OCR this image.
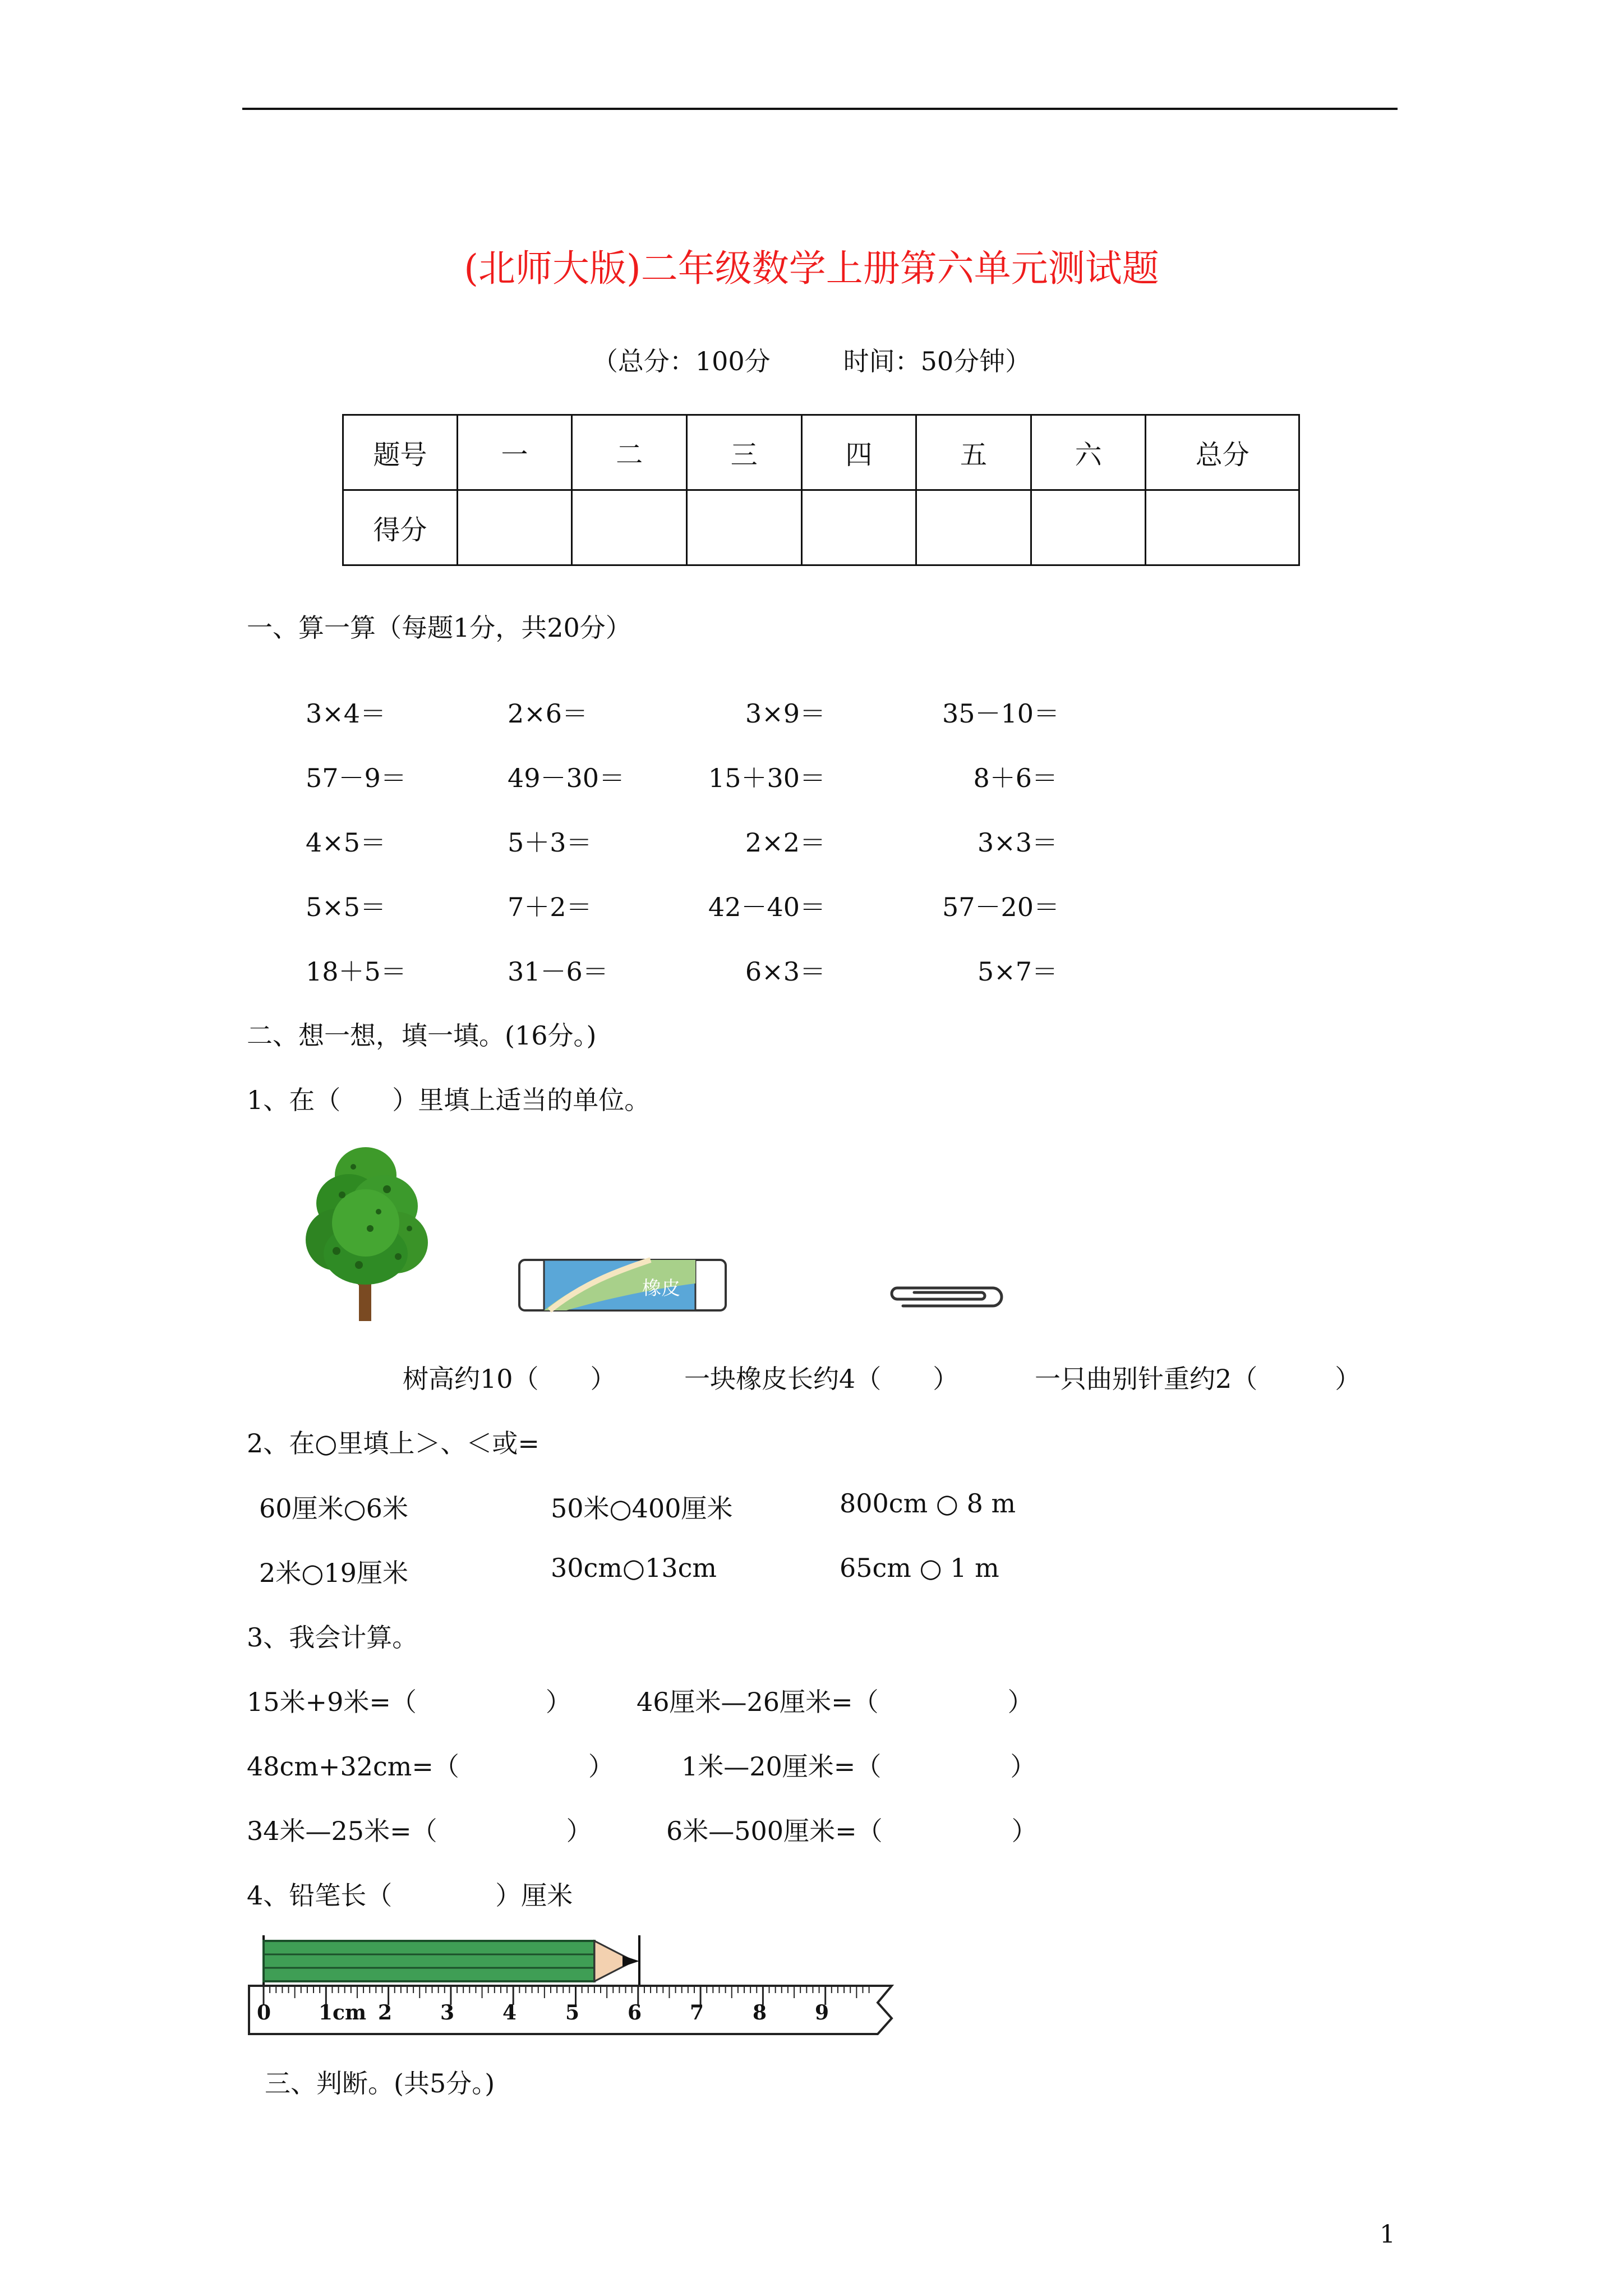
(北师大版)二年级数学上册第六单元测试题
（总分：100分	时间：50分钟）
题号	一	二	三	四	五	六	总分
得分							
一、算一算（每题1分，共20分）
3×4＝	2×6＝	3×9＝	35－10＝
57－9＝	49－30＝	15＋30＝	8＋6＝
4×5＝	5＋3＝	2×2＝	3×3＝
5×5＝	7＋2＝	42－40＝	57－20＝
18＋5＝	31－6＝	6×3＝	5×7＝
二、想一想，填一填。(16分。)
1、在（　　）里填上适当的单位。
橡皮
树高约10（　　）	一块橡皮长约4（　　）	一只曲别针重约2（　　　）
2、在○里填上＞、＜或=
60厘米○6米	50米○400厘米	800cm ○ 8 m
2米○19厘米	30cm○13cm	65cm ○ 1 m
3、我会计算。
15米+9米=（　　　　　）	46厘米—26厘米=（　　　　　）
48cm+32cm=（　　　　　）	1米—20厘米=（　　　　　）
34米—25米=（　　　　　）	6米—500厘米=（　　　　　）
4、铅笔长（　　　　）厘米
0 1cm 2 3 4 5 6 7 8 9
三、判断。(共5分。)
1
